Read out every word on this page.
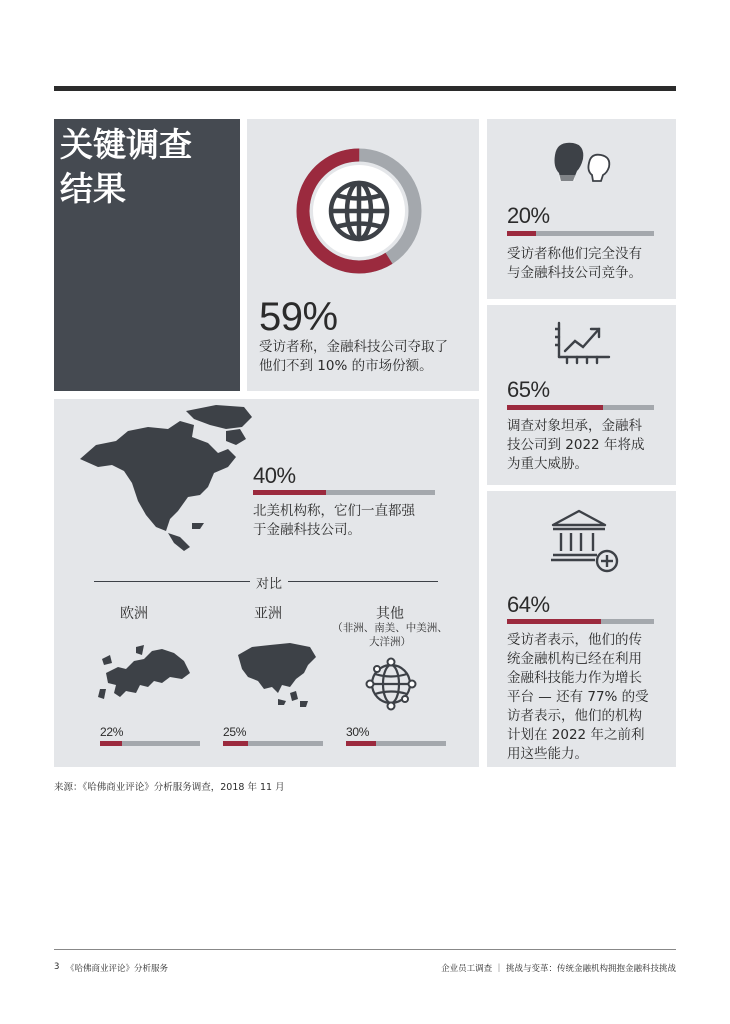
关键调查
结果
59%
受访者称，金融科技公司夺取了
他们不到 10% 的市场份额。
20%
受访者称他们完全没有
与金融科技公司竞争。
65%
调查对象坦承，金融科
技公司到 2022 年将成
为重大威胁。
64%
受访者表示，他们的传
统金融机构已经在利用
金融科技能力作为增长
平台 — 还有 77% 的受
访者表示，他们的机构
计划在 2022 年之前利
用这些能力。
40%
北美机构称，它们一直都强
于金融科技公司。
对比
欧洲	亚洲	其他
（非洲、南美、中美洲、
大洋洲）
22%	25%	30%
来源：《哈佛商业评论》分析服务调查，2018 年 11 月
3 《哈佛商业评论》分析服务	企业员工调查 ｜ 挑战与变革：传统金融机构拥抱金融科技挑战
